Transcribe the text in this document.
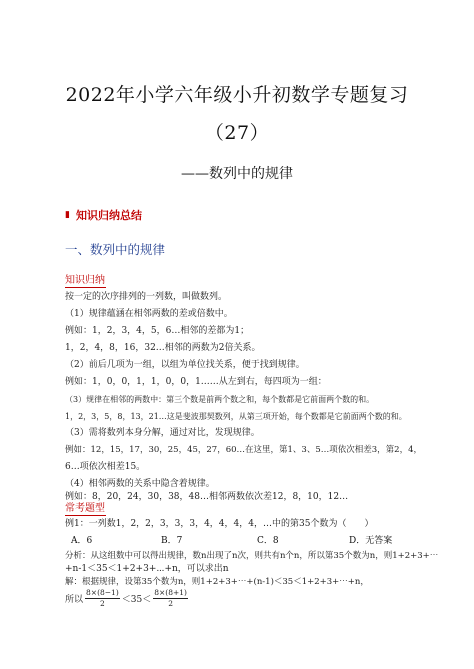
2022年小学六年级小升初数学专题复习
（27）
——数列中的规律
▮ 知识归纳总结
一、数列中的规律
知识归纳
按一定的次序排列的一列数，叫做数列。
（1）规律蕴涵在相邻两数的差或倍数中。
例如：1，2，3，4，5，6…相邻的差都为1；
1，2，4，8，16，32…相邻的两数为2倍关系。
（2）前后几项为一组，以组为单位找关系，便于找到规律。
例如：1，0，0，1，1，0，0，1……从左到右，每四项为一组：
（3）规律在相邻的两数中：第三个数是前两个数之和，每个数都是它前面两个数的和。
1，2，3，5，8，13，21…这是斐波那契数列，从第三项开始，每个数都是它前面两个数的和。
（3）需将数列本身分解，通过对比，发现规律。
例如：12，15，17，30，25，45，27，60…在这里，第1、3、5…项依次相差3，第2，4，
6…项依次相差15。
（4）相邻两数的关系中隐含着规律。
例如：8，20，24，30，38，48…相邻两数依次差12，8，10，12…
常考题型
例1：一列数1，2，2，3，3，3，4，4，4，4，…中的第35个数为（　　）
A．6	B．7	C．8	D．无答案
分析：从这组数中可以得出规律，数n出现了n次，则共有n个n，所以第35个数为n，则1+2+3+⋯
+n-1＜35＜1+2+3+⋯+n，可以求出n
解：根据规律，设第35个数为n，则1+2+3+⋯+(n-1)＜35＜1+2+3+⋯+n，
所以 $\frac{8\times(8-1)}{2} <35< \frac{8\times(8+1)}{2}$
